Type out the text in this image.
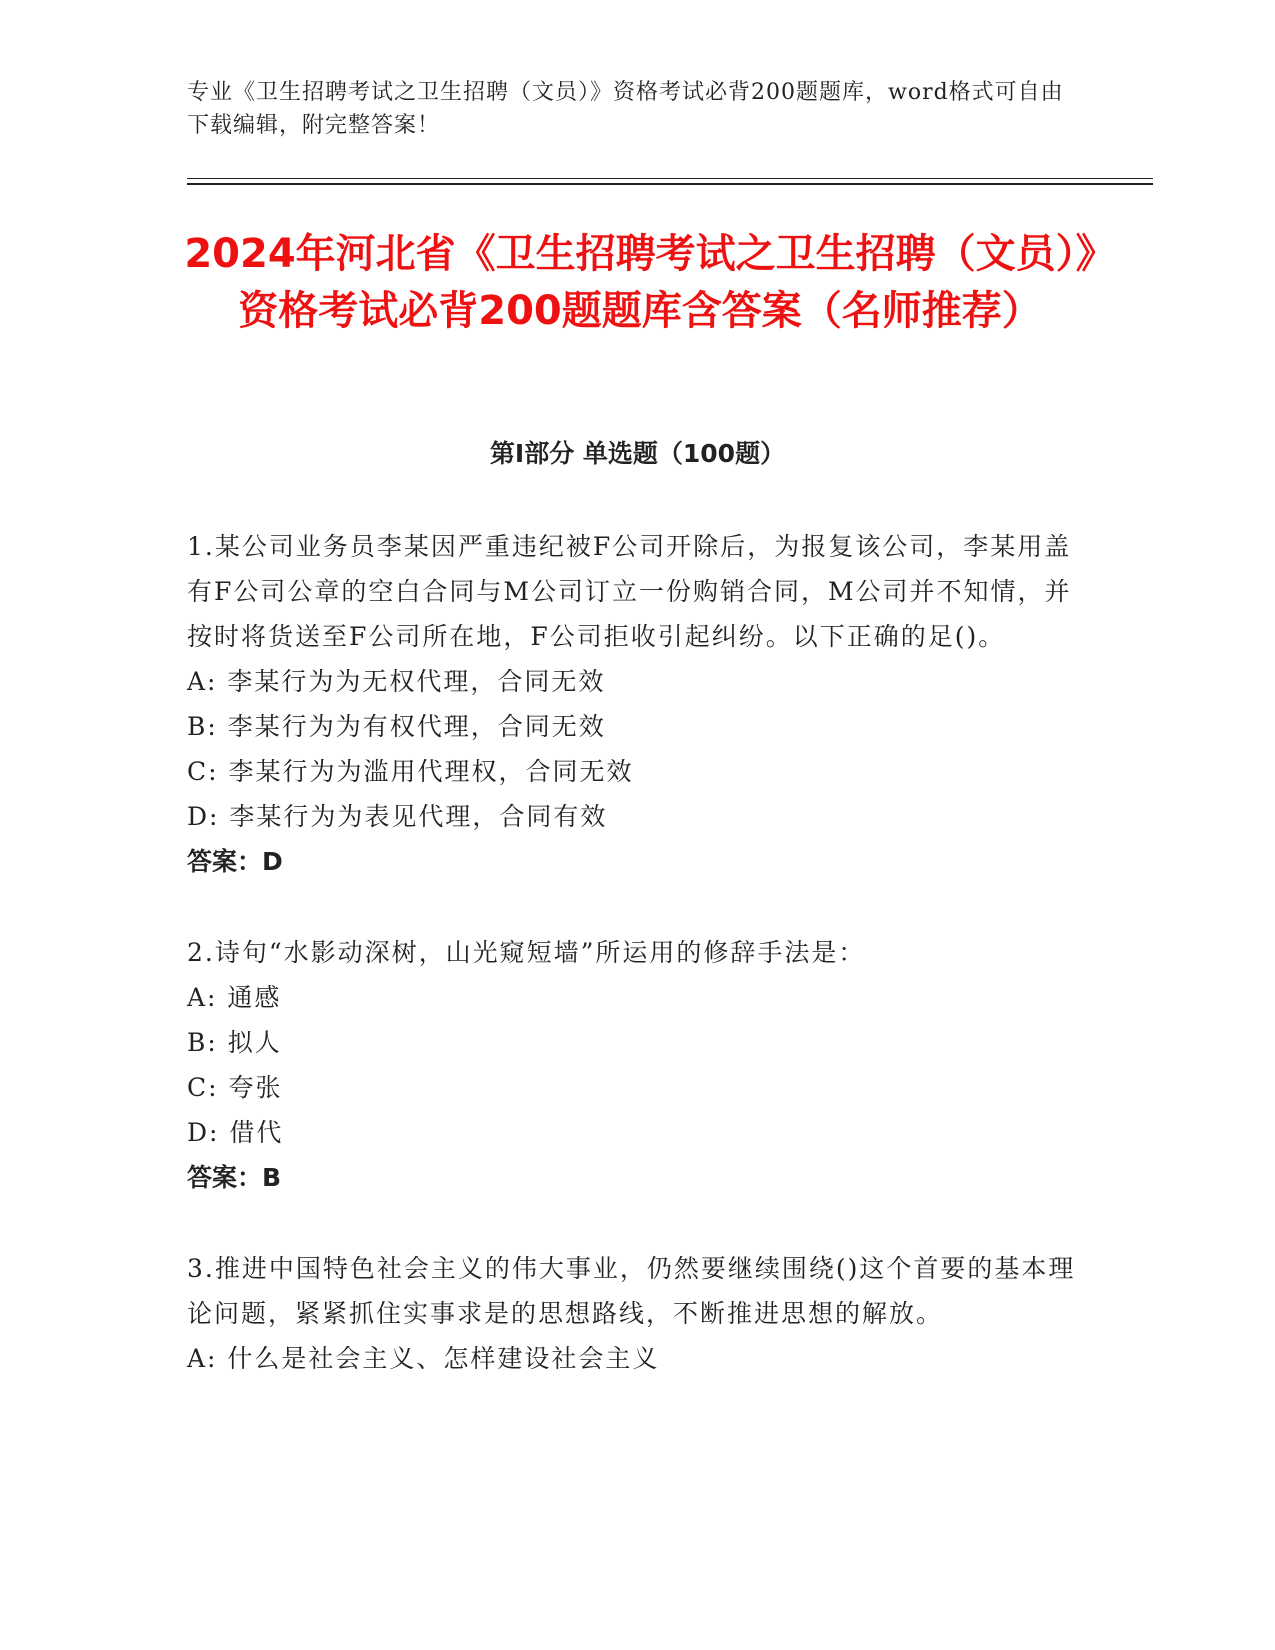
专业《卫生招聘考试之卫生招聘（文员）》资格考试必背200题题库，word格式可自由下载编辑，附完整答案！
2024年河北省《卫生招聘考试之卫生招聘（文员）》资格考试必背200题题库含答案（名师推荐）
第I部分 单选题（100题）

1.某公司业务员李某因严重违纪被F公司开除后，为报复该公司，李某用盖有F公司公章的空白合同与M公司订立一份购销合同，M公司并不知情，并按时将货送至F公司所在地，F公司拒收引起纠纷。以下正确的足()。

A: 李某行为为无权代理，合同无效

B: 李某行为为有权代理，合同无效

C: 李某行为为滥用代理权，合同无效

D: 李某行为为表见代理，合同有效

答案：D

2.诗句“水影动深树，山光窥短墙”所运用的修辞手法是：

A: 通感

B: 拟人

C: 夸张

D: 借代

答案：B

3.推进中国特色社会主义的伟大事业，仍然要继续围绕()这个首要的基本理论问题，紧紧抓住实事求是的思想路线，不断推进思想的解放。

A: 什么是社会主义、怎样建设社会主义
